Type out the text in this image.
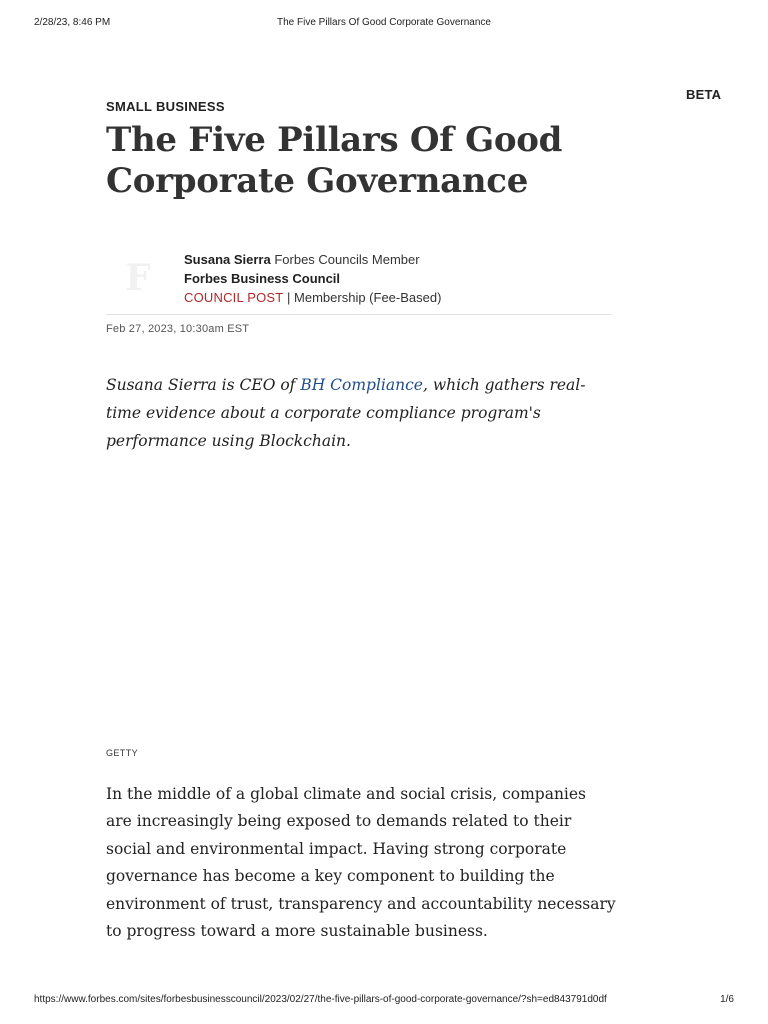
2/28/23, 8:46 PM	The Five Pillars Of Good Corporate Governance
BETA
SMALL BUSINESS
The Five Pillars Of Good Corporate Governance
F	Susana Sierra Forbes Councils Member
Forbes Business Council
COUNCIL POST | Membership (Fee-Based)
Feb 27, 2023, 10:30am EST

Susana Sierra is CEO of BH Compliance, which gathers real-time evidence about a corporate compliance program's performance using Blockchain.

GETTY

In the middle of a global climate and social crisis, companies are increasingly being exposed to demands related to their social and environmental impact. Having strong corporate governance has become a key component to building the environment of trust, transparency and accountability necessary to progress toward a more sustainable business.

https://www.forbes.com/sites/forbesbusinesscouncil/2023/02/27/the-five-pillars-of-good-corporate-governance/?sh=ed843791d0df	1/6
